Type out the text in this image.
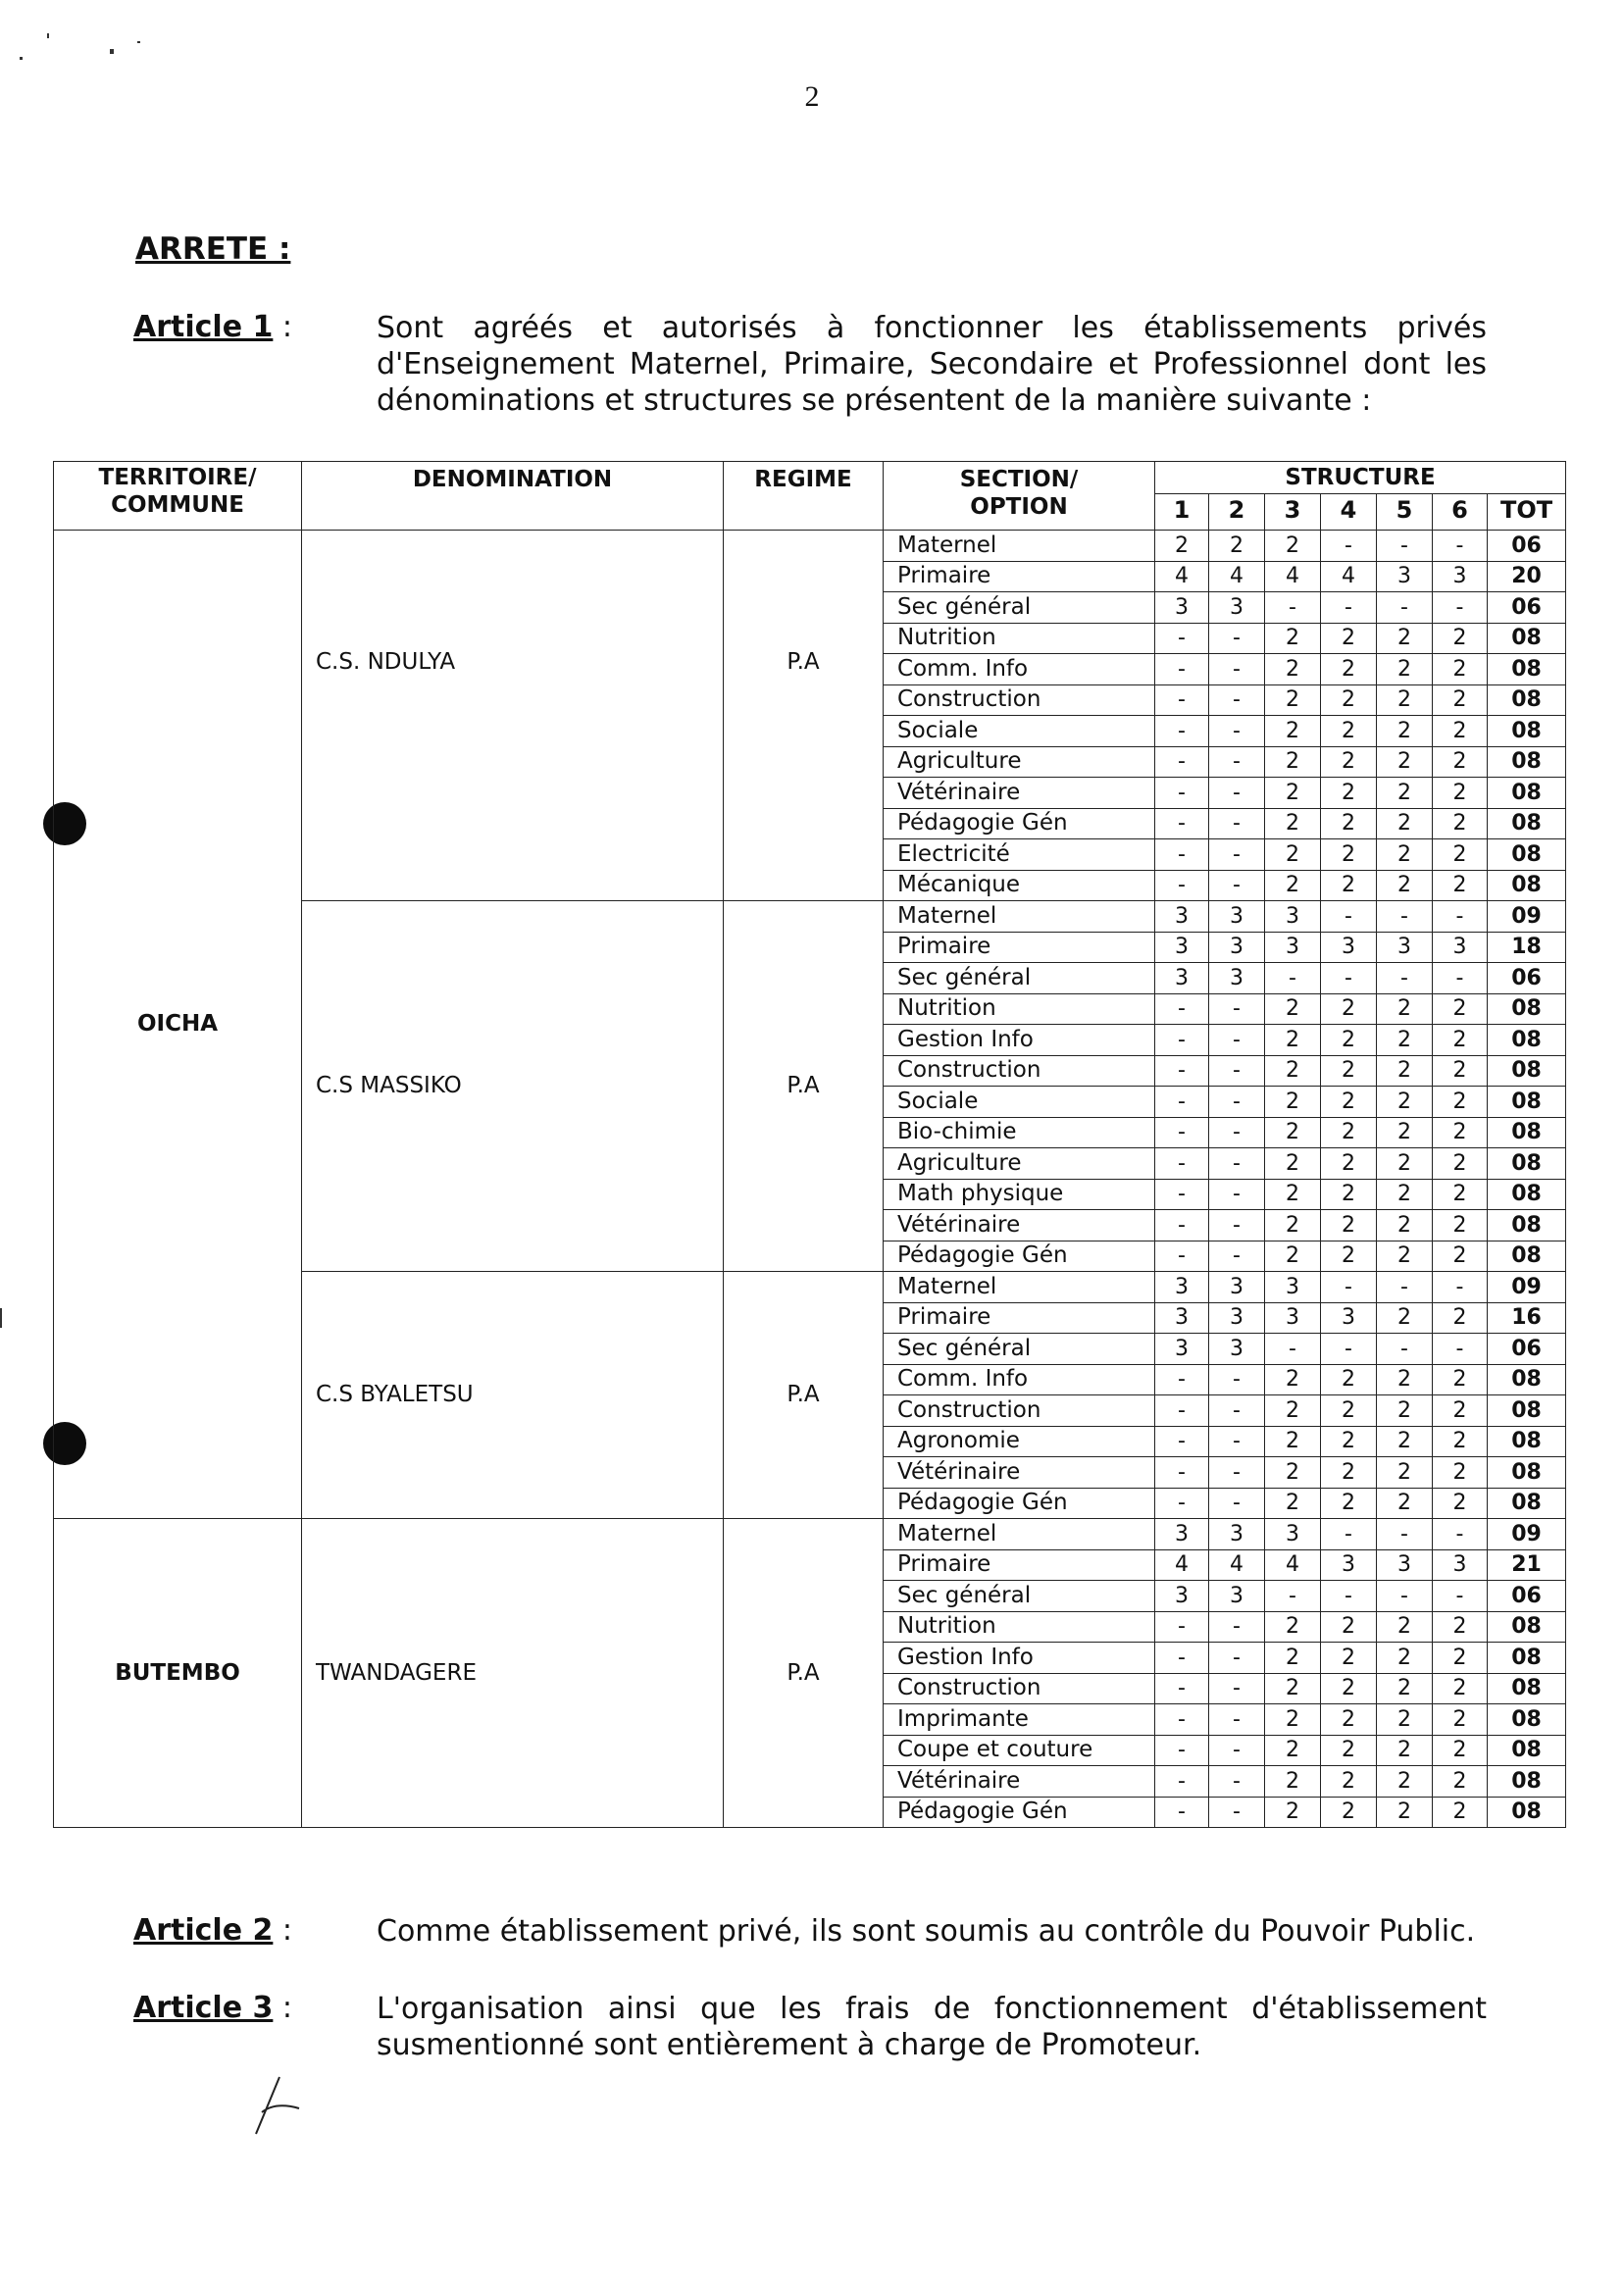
2
ARRETE :
Article 1 :	Sont agréés et autorisés à fonctionner les établissements privés d'Enseignement Maternel, Primaire, Secondaire et Professionnel dont les dénominations et structures se présentent de la manière suivante :
TERRITOIRE/ COMMUNE	DENOMINATION	REGIME	SECTION/ OPTION	STRUCTURE						
				1	2	3	4	5	6	TOT
OICHA	C.S. NDULYA	P.A	Maternel	2	2	2	-	-	-	06
			Primaire	4	4	4	4	3	3	20
			Sec général	3	3	-	-	-	-	06
			Nutrition	-	-	2	2	2	2	08
			Comm. Info	-	-	2	2	2	2	08
			Construction	-	-	2	2	2	2	08
			Sociale	-	-	2	2	2	2	08
			Agriculture	-	-	2	2	2	2	08
			Vétérinaire	-	-	2	2	2	2	08
			Pédagogie Gén	-	-	2	2	2	2	08
			Electricité	-	-	2	2	2	2	08
			Mécanique	-	-	2	2	2	2	08
	C.S MASSIKO	P.A	Maternel	3	3	3	-	-	-	09
			Primaire	3	3	3	3	3	3	18
			Sec général	3	3	-	-	-	-	06
			Nutrition	-	-	2	2	2	2	08
			Gestion Info	-	-	2	2	2	2	08
			Construction	-	-	2	2	2	2	08
			Sociale	-	-	2	2	2	2	08
			Bio-chimie	-	-	2	2	2	2	08
			Agriculture	-	-	2	2	2	2	08
			Math physique	-	-	2	2	2	2	08
			Vétérinaire	-	-	2	2	2	2	08
			Pédagogie Gén	-	-	2	2	2	2	08
	C.S BYALETSU	P.A	Maternel	3	3	3	-	-	-	09
			Primaire	3	3	3	3	2	2	16
			Sec général	3	3	-	-	-	-	06
			Comm. Info	-	-	2	2	2	2	08
			Construction	-	-	2	2	2	2	08
			Agronomie	-	-	2	2	2	2	08
			Vétérinaire	-	-	2	2	2	2	08
			Pédagogie Gén	-	-	2	2	2	2	08
BUTEMBO	TWANDAGERE	P.A	Maternel	3	3	3	-	-	-	09
			Primaire	4	4	4	3	3	3	21
			Sec général	3	3	-	-	-	-	06
			Nutrition	-	-	2	2	2	2	08
			Gestion Info	-	-	2	2	2	2	08
			Construction	-	-	2	2	2	2	08
			Imprimante	-	-	2	2	2	2	08
			Coupe et couture	-	-	2	2	2	2	08
			Vétérinaire	-	-	2	2	2	2	08
			Pédagogie Gén	-	-	2	2	2	2	08
Article 2 :	Comme établissement privé, ils sont soumis au contrôle du Pouvoir Public.
Article 3 :	L'organisation ainsi que les frais de fonctionnement d'établissement susmentionné sont entièrement à charge de Promoteur.
